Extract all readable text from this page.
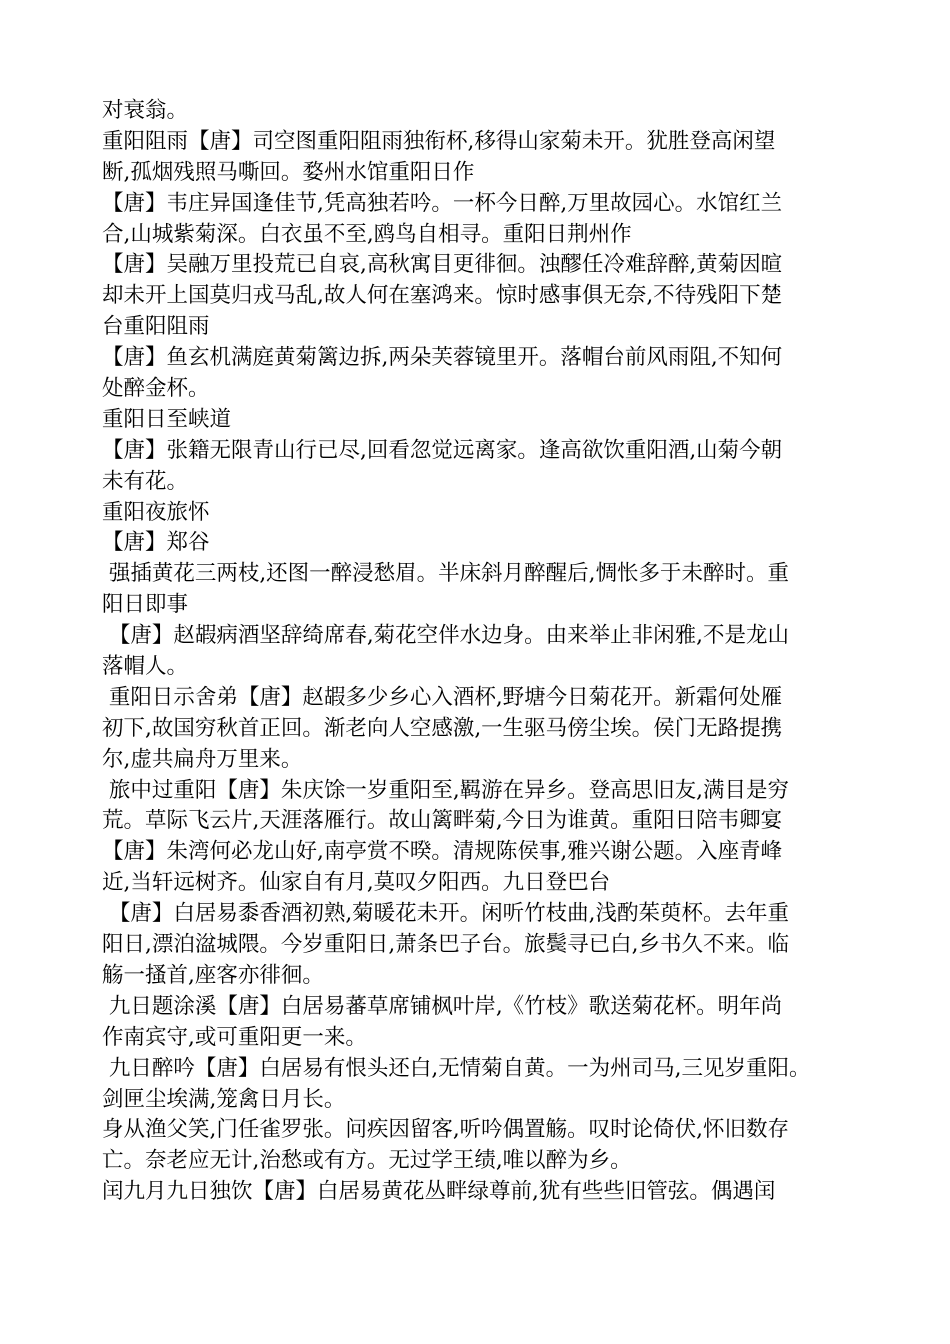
对衰翁。
重阳阻雨【唐】司空图重阳阻雨独衔杯,移得山家菊未开。犹胜登高闲望
断,孤烟残照马嘶回。婺州水馆重阳日作
【唐】韦庄异国逢佳节,凭高独若吟。一杯今日醉,万里故园心。水馆红兰
合,山城紫菊深。白衣虽不至,鸥鸟自相寻。重阳日荆州作
【唐】吴融万里投荒已自哀,高秋寓目更徘徊。浊醪任冷难辞醉,黄菊因暄
却未开上国莫归戎马乱,故人何在塞鸿来。惊时感事俱无奈,不待残阳下楚
台重阳阻雨
【唐】鱼玄机满庭黄菊篱边拆,两朵芙蓉镜里开。落帽台前风雨阻,不知何
处醉金杯。
重阳日至峡道
【唐】张籍无限青山行已尽,回看忽觉远离家。逢高欲饮重阳酒,山菊今朝
未有花。
重阳夜旅怀
【唐】郑谷
强插黄花三两枝,还图一醉浸愁眉。半床斜月醉醒后,惆怅多于未醉时。重
阳日即事
【唐】赵嘏病酒坚辞绮席春,菊花空伴水边身。由来举止非闲雅,不是龙山
落帽人。
重阳日示舍弟【唐】赵嘏多少乡心入酒杯,野塘今日菊花开。新霜何处雁
初下,故国穷秋首正回。渐老向人空感激,一生驱马傍尘埃。侯门无路提携
尔,虚共扁舟万里来。
旅中过重阳【唐】朱庆馀一岁重阳至,羁游在异乡。登高思旧友,满目是穷
荒。草际飞云片,天涯落雁行。故山篱畔菊,今日为谁黄。重阳日陪韦卿宴
【唐】朱湾何必龙山好,南亭赏不暌。清规陈侯事,雅兴谢公题。入座青峰
近,当轩远树齐。仙家自有月,莫叹夕阳西。九日登巴台
【唐】白居易黍香酒初熟,菊暖花未开。闲听竹枝曲,浅酌茱萸杯。去年重
阳日,漂泊湓城隈。今岁重阳日,萧条巴子台。旅鬓寻已白,乡书久不来。临
觞一搔首,座客亦徘徊。
九日题涂溪【唐】白居易蕃草席铺枫叶岸,《竹枝》歌送菊花杯。明年尚
作南宾守,或可重阳更一来。
九日醉吟【唐】白居易有恨头还白,无情菊自黄。一为州司马,三见岁重阳。
剑匣尘埃满,笼禽日月长。
身从渔父笑,门任雀罗张。问疾因留客,听吟偶置觞。叹时论倚伏,怀旧数存
亡。奈老应无计,治愁或有方。无过学王绩,唯以醉为乡。
闰九月九日独饮【唐】白居易黄花丛畔绿尊前,犹有些些旧管弦。偶遇闰
